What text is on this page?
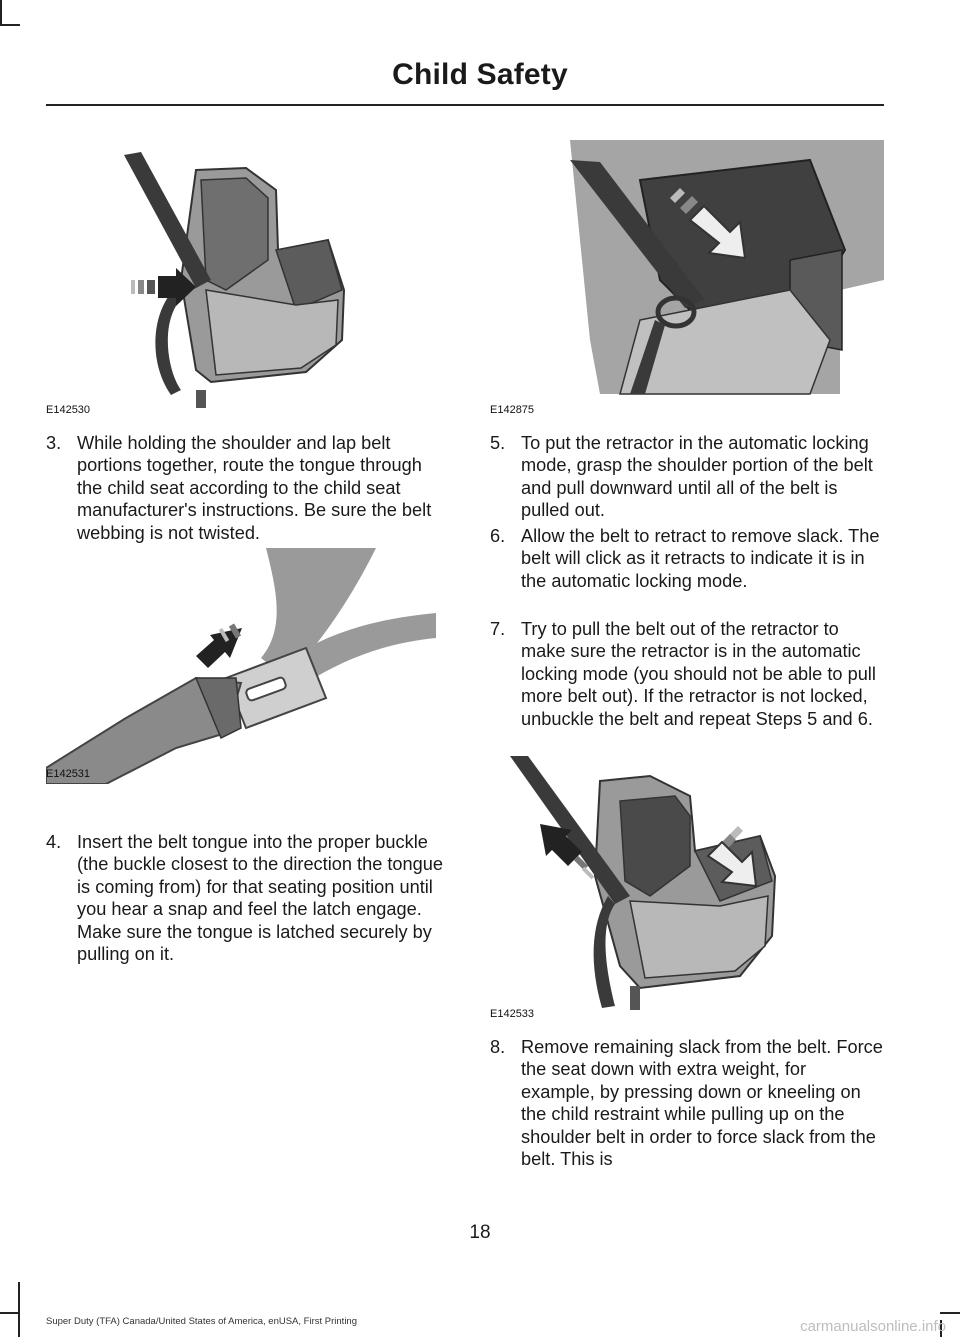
Child Safety
E142530	E142875
3. While holding the shoulder and lap belt portions together, route the tongue through the child seat according to the child seat manufacturer's instructions. Be sure the belt webbing is not twisted.
E142531
4. Insert the belt tongue into the proper buckle (the buckle closest to the direction the tongue is coming from) for that seating position until you hear a snap and feel the latch engage. Make sure the tongue is latched securely by pulling on it.
5. To put the retractor in the automatic locking mode, grasp the shoulder portion of the belt and pull downward until all of the belt is pulled out.
6. Allow the belt to retract to remove slack. The belt will click as it retracts to indicate it is in the automatic locking mode.
7. Try to pull the belt out of the retractor to make sure the retractor is in the automatic locking mode (you should not be able to pull more belt out). If the retractor is not locked, unbuckle the belt and repeat Steps 5 and 6.
E142533
8. Remove remaining slack from the belt. Force the seat down with extra weight, for example, by pressing down or kneeling on the child restraint while pulling up on the shoulder belt in order to force slack from the belt. This is
18
Super Duty (TFA) Canada/United States of America, enUSA, First Printing	carmanualsonline.info
